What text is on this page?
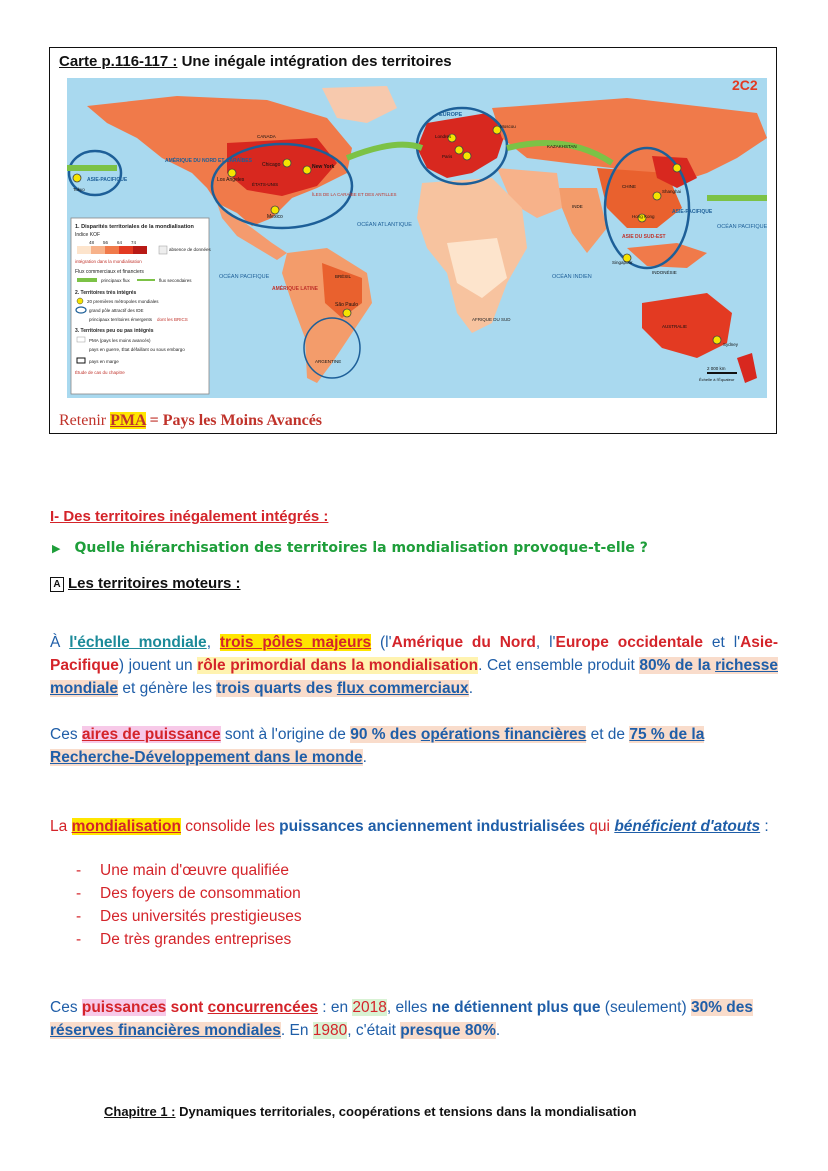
Carte p.116-117 : Une inégale intégration des territoires
1. Disparités territoriales de la mondialisation
Indice KOF
48 56 64 74
absence de données
intégration dans la mondialisation
Flux commerciaux et financiers
principaux flux	flux secondaires
2. Territoires très intégrés
20 premières métropoles mondiales
grand pôle attractif des IDE
principaux territoires émergents dont les BRICS
3. Territoires peu ou pas intégrés
PMA (pays les moins avancés)
pays en guerre, État défaillant ou sous embargo
pays en marge
Étude de cas du chapitre
AMÉRIQUE DU NORD ET CARAÏBES
EUROPE
ASIE-PACIFIQUE
ASIE-PACIFIQUE
ASIE DU SUD-EST
AMÉRIQUE LATINE
OCÉAN ATLANTIQUE
OCÉAN PACIFIQUE
OCÉAN PACIFIQUE
OCÉAN INDIEN
ÎLES DE LA CARAÏBE ET DES ANTILLES
AFRIQUE DU SUD
New York
Chicago
Los Angeles
Mexico
São Paulo
Londres
Paris
Moscou
Tokyo	Shanghai
Hong Kong
Singapour
Sydney
AUSTRALIE
CHINE
INDE
BRÉSIL
KAZAKHSTAN
CANADA
ÉTATS-UNIS
ARGENTINE
INDONÉSIE
2C2
2 000 km
Échelle à l'Équateur
Retenir PMA = Pays les Moins Avancés
I- Des territoires inégalement intégrés :
▶ Quelle hiérarchisation des territoires la mondialisation provoque-t-elle ?
A Les territoires moteurs :

À l'échelle mondiale, trois pôles majeurs (l'Amérique du Nord, l'Europe occidentale et l'Asie-Pacifique) jouent un rôle primordial dans la mondialisation. Cet ensemble produit 80% de la richesse mondiale et génère les trois quarts des flux commerciaux.

Ces aires de puissance sont à l'origine de 90 % des opérations financières et de 75 % de la Recherche-Développement dans le monde.

La mondialisation consolide les puissances anciennement industrialisées qui bénéficient d'atouts :

- Une main d'œuvre qualifiée
- Des foyers de consommation
- Des universités prestigieuses
- De très grandes entreprises

Ces puissances sont concurrencées : en 2018, elles ne détiennent plus que (seulement) 30% des réserves financières mondiales. En 1980, c'était presque 80%.

Chapitre 1 : Dynamiques territoriales, coopérations et tensions dans la mondialisation
